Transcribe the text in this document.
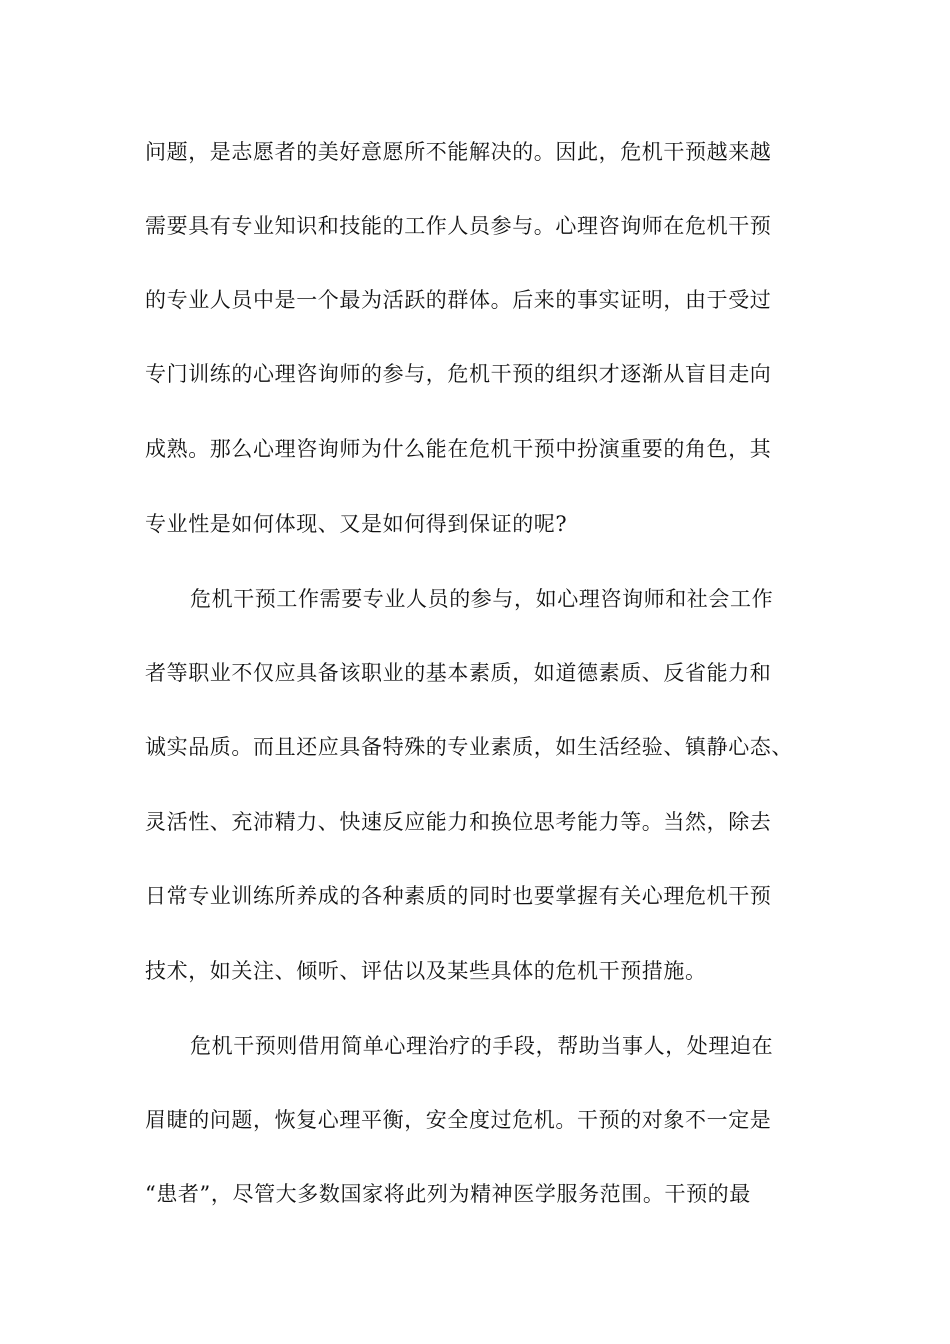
问题，是志愿者的美好意愿所不能解决的。因此，危机干预越来越
需要具有专业知识和技能的工作人员参与。心理咨询师在危机干预
的专业人员中是一个最为活跃的群体。后来的事实证明，由于受过
专门训练的心理咨询师的参与，危机干预的组织才逐渐从盲目走向
成熟。那么心理咨询师为什么能在危机干预中扮演重要的角色，其
专业性是如何体现、又是如何得到保证的呢?
危机干预工作需要专业人员的参与，如心理咨询师和社会工作
者等职业不仅应具备该职业的基本素质，如道德素质、反省能力和
诚实品质。而且还应具备特殊的专业素质，如生活经验、镇静心态、
灵活性、充沛精力、快速反应能力和换位思考能力等。当然，除去
日常专业训练所养成的各种素质的同时也要掌握有关心理危机干预
技术，如关注、倾听、评估以及某些具体的危机干预措施。
危机干预则借用简单心理治疗的手段，帮助当事人，处理迫在
眉睫的问题，恢复心理平衡，安全度过危机。干预的对象不一定是
“患者”，尽管大多数国家将此列为精神医学服务范围。干预的最
